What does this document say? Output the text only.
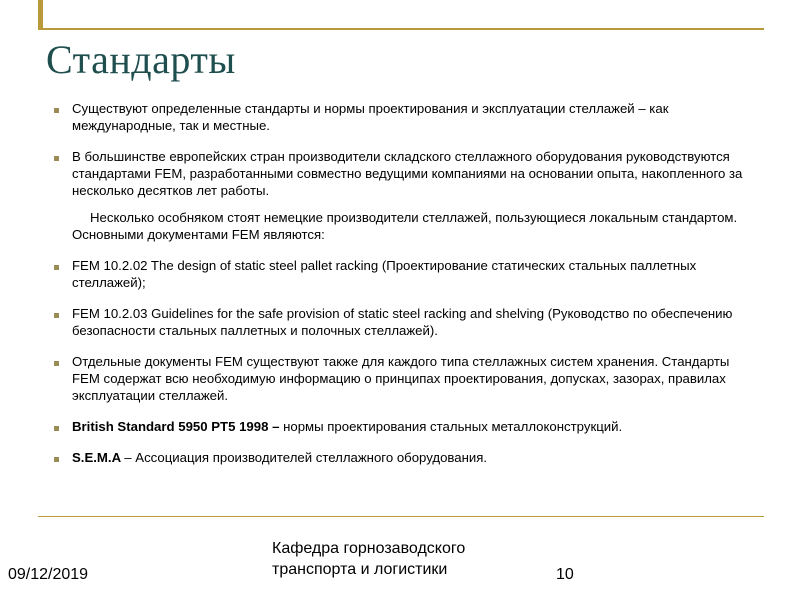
Стандарты
Существуют определенные стандарты и нормы проектирования и эксплуатации стеллажей – как международные, так и местные.
В большинстве европейских стран производители складского стеллажного оборудования руководствуются стандартами FEM, разработанными совместно ведущими компаниями на основании опыта, накопленного за несколько десятков лет работы.
Несколько особняком стоят немецкие производители стеллажей, пользующиеся локальным стандартом. Основными документами FEM являются:
FEM 10.2.02 The design of static steel pallet racking (Проектирование статических стальных паллетных стеллажей);
FEM 10.2.03 Guidelines for the safe provision of static steel racking and shelving (Руководство по обеспечению безопасности стальных паллетных и полочных стеллажей).
Отдельные документы FEM существуют также для каждого типа стеллажных систем хранения. Стандарты FEM содержат всю необходимую информацию о принципах проектирования, допусках, зазорах, правилах эксплуатации стеллажей.
British Standard 5950 PT5 1998 – нормы проектирования стальных металлоконструкций.
S.E.M.A – Ассоциация производителей стеллажного оборудования.
09/12/2019
Кафедра горнозаводского транспорта и логистики	10
